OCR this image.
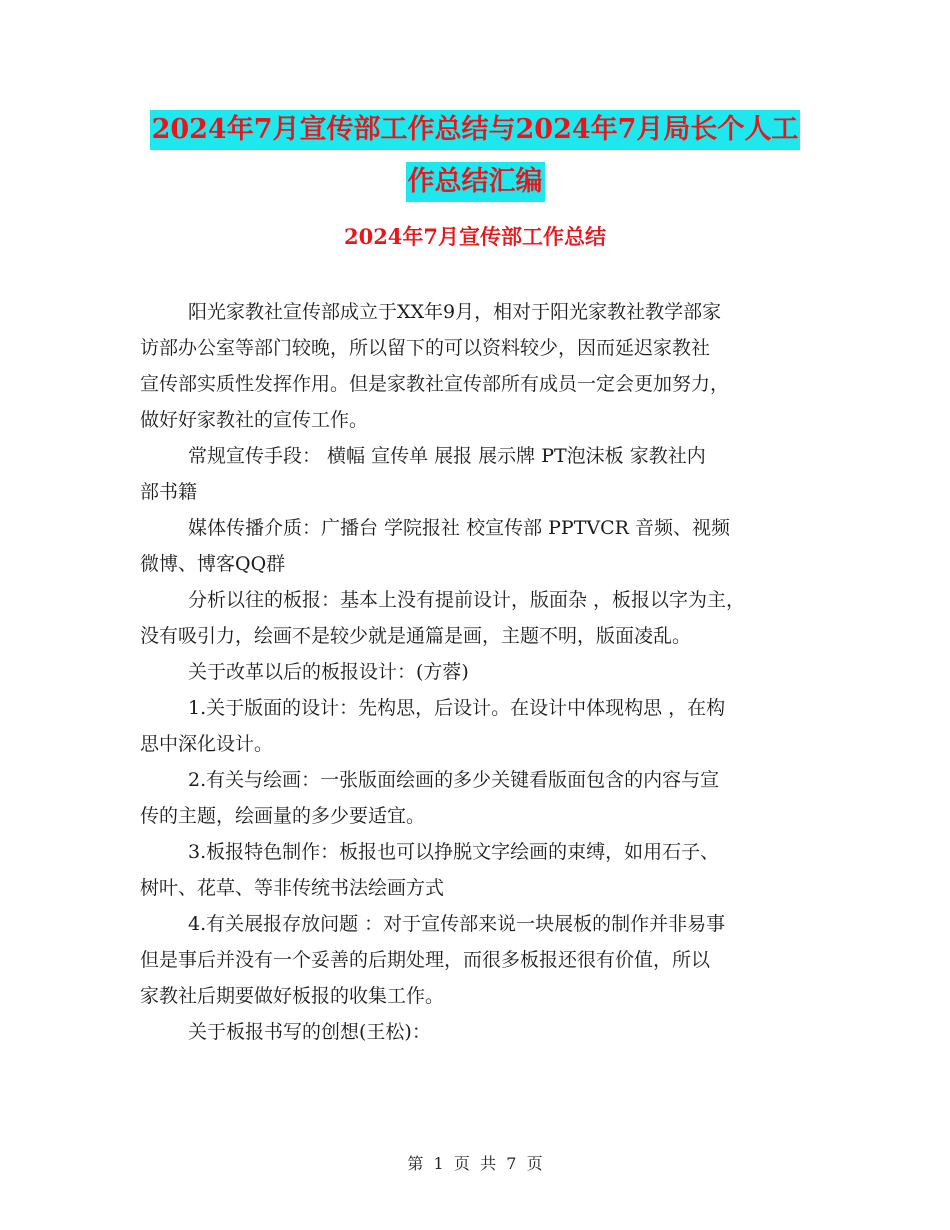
2024年7月宣传部工作总结与2024年7月局长个人工
作总结汇编
2024年7月宣传部工作总结
阳光家教社宣传部成立于XX年9月，相对于阳光家教社教学部家
访部办公室等部门较晚，所以留下的可以资料较少，因而延迟家教社
宣传部实质性发挥作用。但是家教社宣传部所有成员一定会更加努力，
做好好家教社的宣传工作。
常规宣传手段： 横幅 宣传单 展报 展示牌 PT泡沫板 家教社内
部书籍
媒体传播介质：广播台 学院报社 校宣传部 PPTVCR 音频、视频
微博、博客QQ群
分析以往的板报：基本上没有提前设计，版面杂 ，板报以字为主，
没有吸引力，绘画不是较少就是通篇是画，主题不明，版面凌乱。
关于改革以后的板报设计：(方蓉)
1.关于版面的设计：先构思，后设计。在设计中体现构思 ，在构
思中深化设计。
2.有关与绘画：一张版面绘画的多少关键看版面包含的内容与宣
传的主题，绘画量的多少要适宜。
3.板报特色制作：板报也可以挣脱文字绘画的束缚，如用石子、
树叶、花草、等非传统书法绘画方式
4.有关展报存放问题 ：对于宣传部来说一块展板的制作并非易事
但是事后并没有一个妥善的后期处理，而很多板报还很有价值，所以
家教社后期要做好板报的收集工作。
关于板报书写的创想(王松)：
第  1  页  共  7  页
